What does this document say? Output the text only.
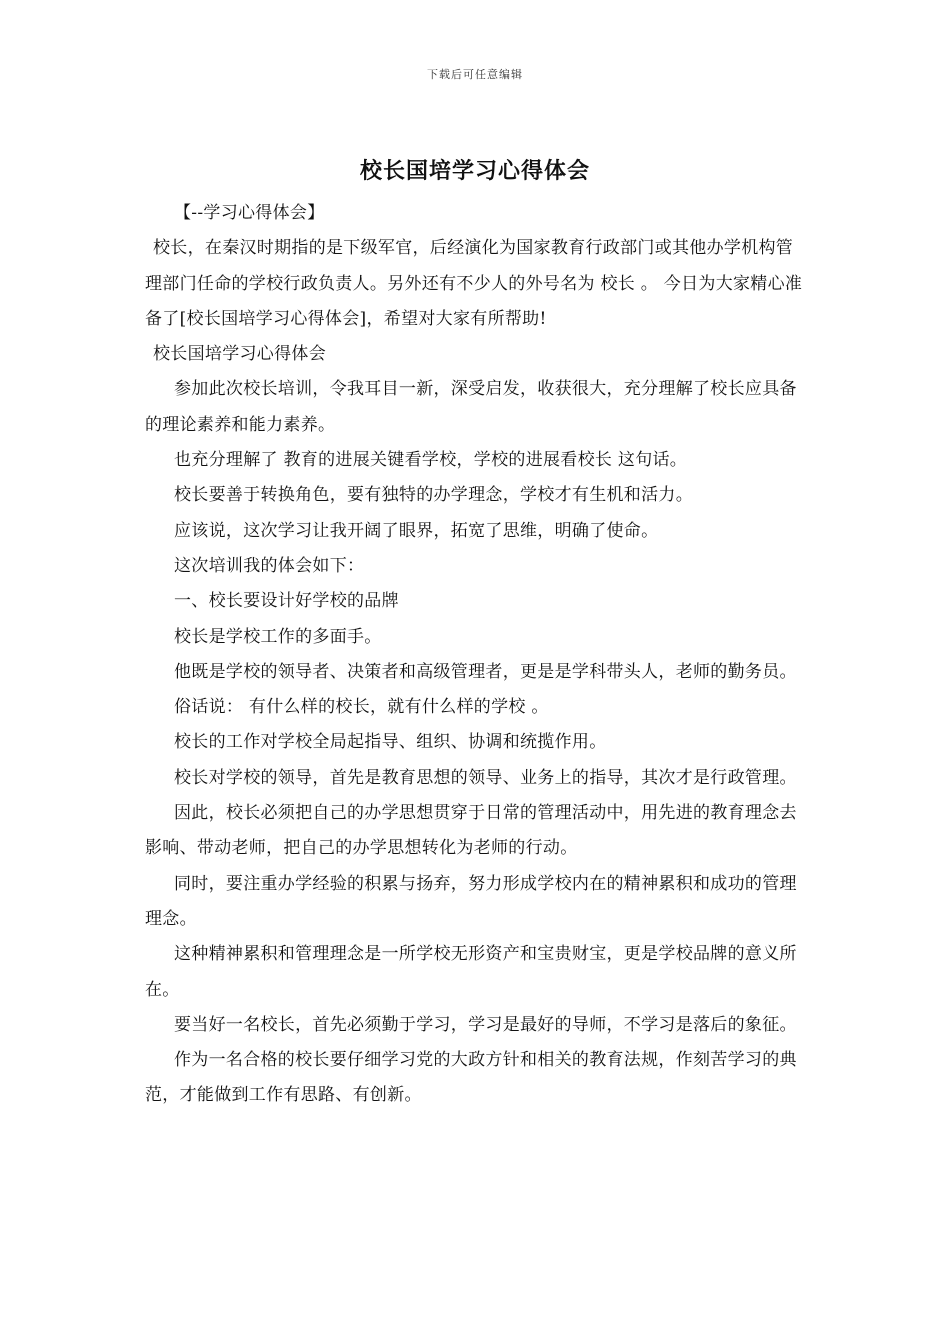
下载后可任意编辑
校长国培学习心得体会

【--学习心得体会】

校长，在秦汉时期指的是下级军官，后经演化为国家教育行政部门或其他办学机构管理部门任命的学校行政负责人。另外还有不少人的外号名为 校长 。 今日为大家精心准备了[校长国培学习心得体会]，希望对大家有所帮助!

校长国培学习心得体会

参加此次校长培训，令我耳目一新，深受启发，收获很大，充分理解了校长应具备的理论素养和能力素养。

也充分理解了 教育的进展关键看学校，学校的进展看校长 这句话。

校长要善于转换角色，要有独特的办学理念，学校才有生机和活力。

应该说，这次学习让我开阔了眼界，拓宽了思维，明确了使命。

这次培训我的体会如下：

一、校长要设计好学校的品牌

校长是学校工作的多面手。

他既是学校的领导者、决策者和高级管理者，更是是学科带头人，老师的勤务员。

俗话说： 有什么样的校长，就有什么样的学校 。

校长的工作对学校全局起指导、组织、协调和统揽作用。

校长对学校的领导，首先是教育思想的领导、业务上的指导，其次才是行政管理。

因此，校长必须把自己的办学思想贯穿于日常的管理活动中，用先进的教育理念去影响、带动老师，把自己的办学思想转化为老师的行动。

同时，要注重办学经验的积累与扬弃，努力形成学校内在的精神累积和成功的管理理念。

这种精神累积和管理理念是一所学校无形资产和宝贵财宝，更是学校品牌的意义所在。

要当好一名校长，首先必须勤于学习，学习是最好的导师，不学习是落后的象征。

作为一名合格的校长要仔细学习党的大政方针和相关的教育法规，作刻苦学习的典范，才能做到工作有思路、有创新。
